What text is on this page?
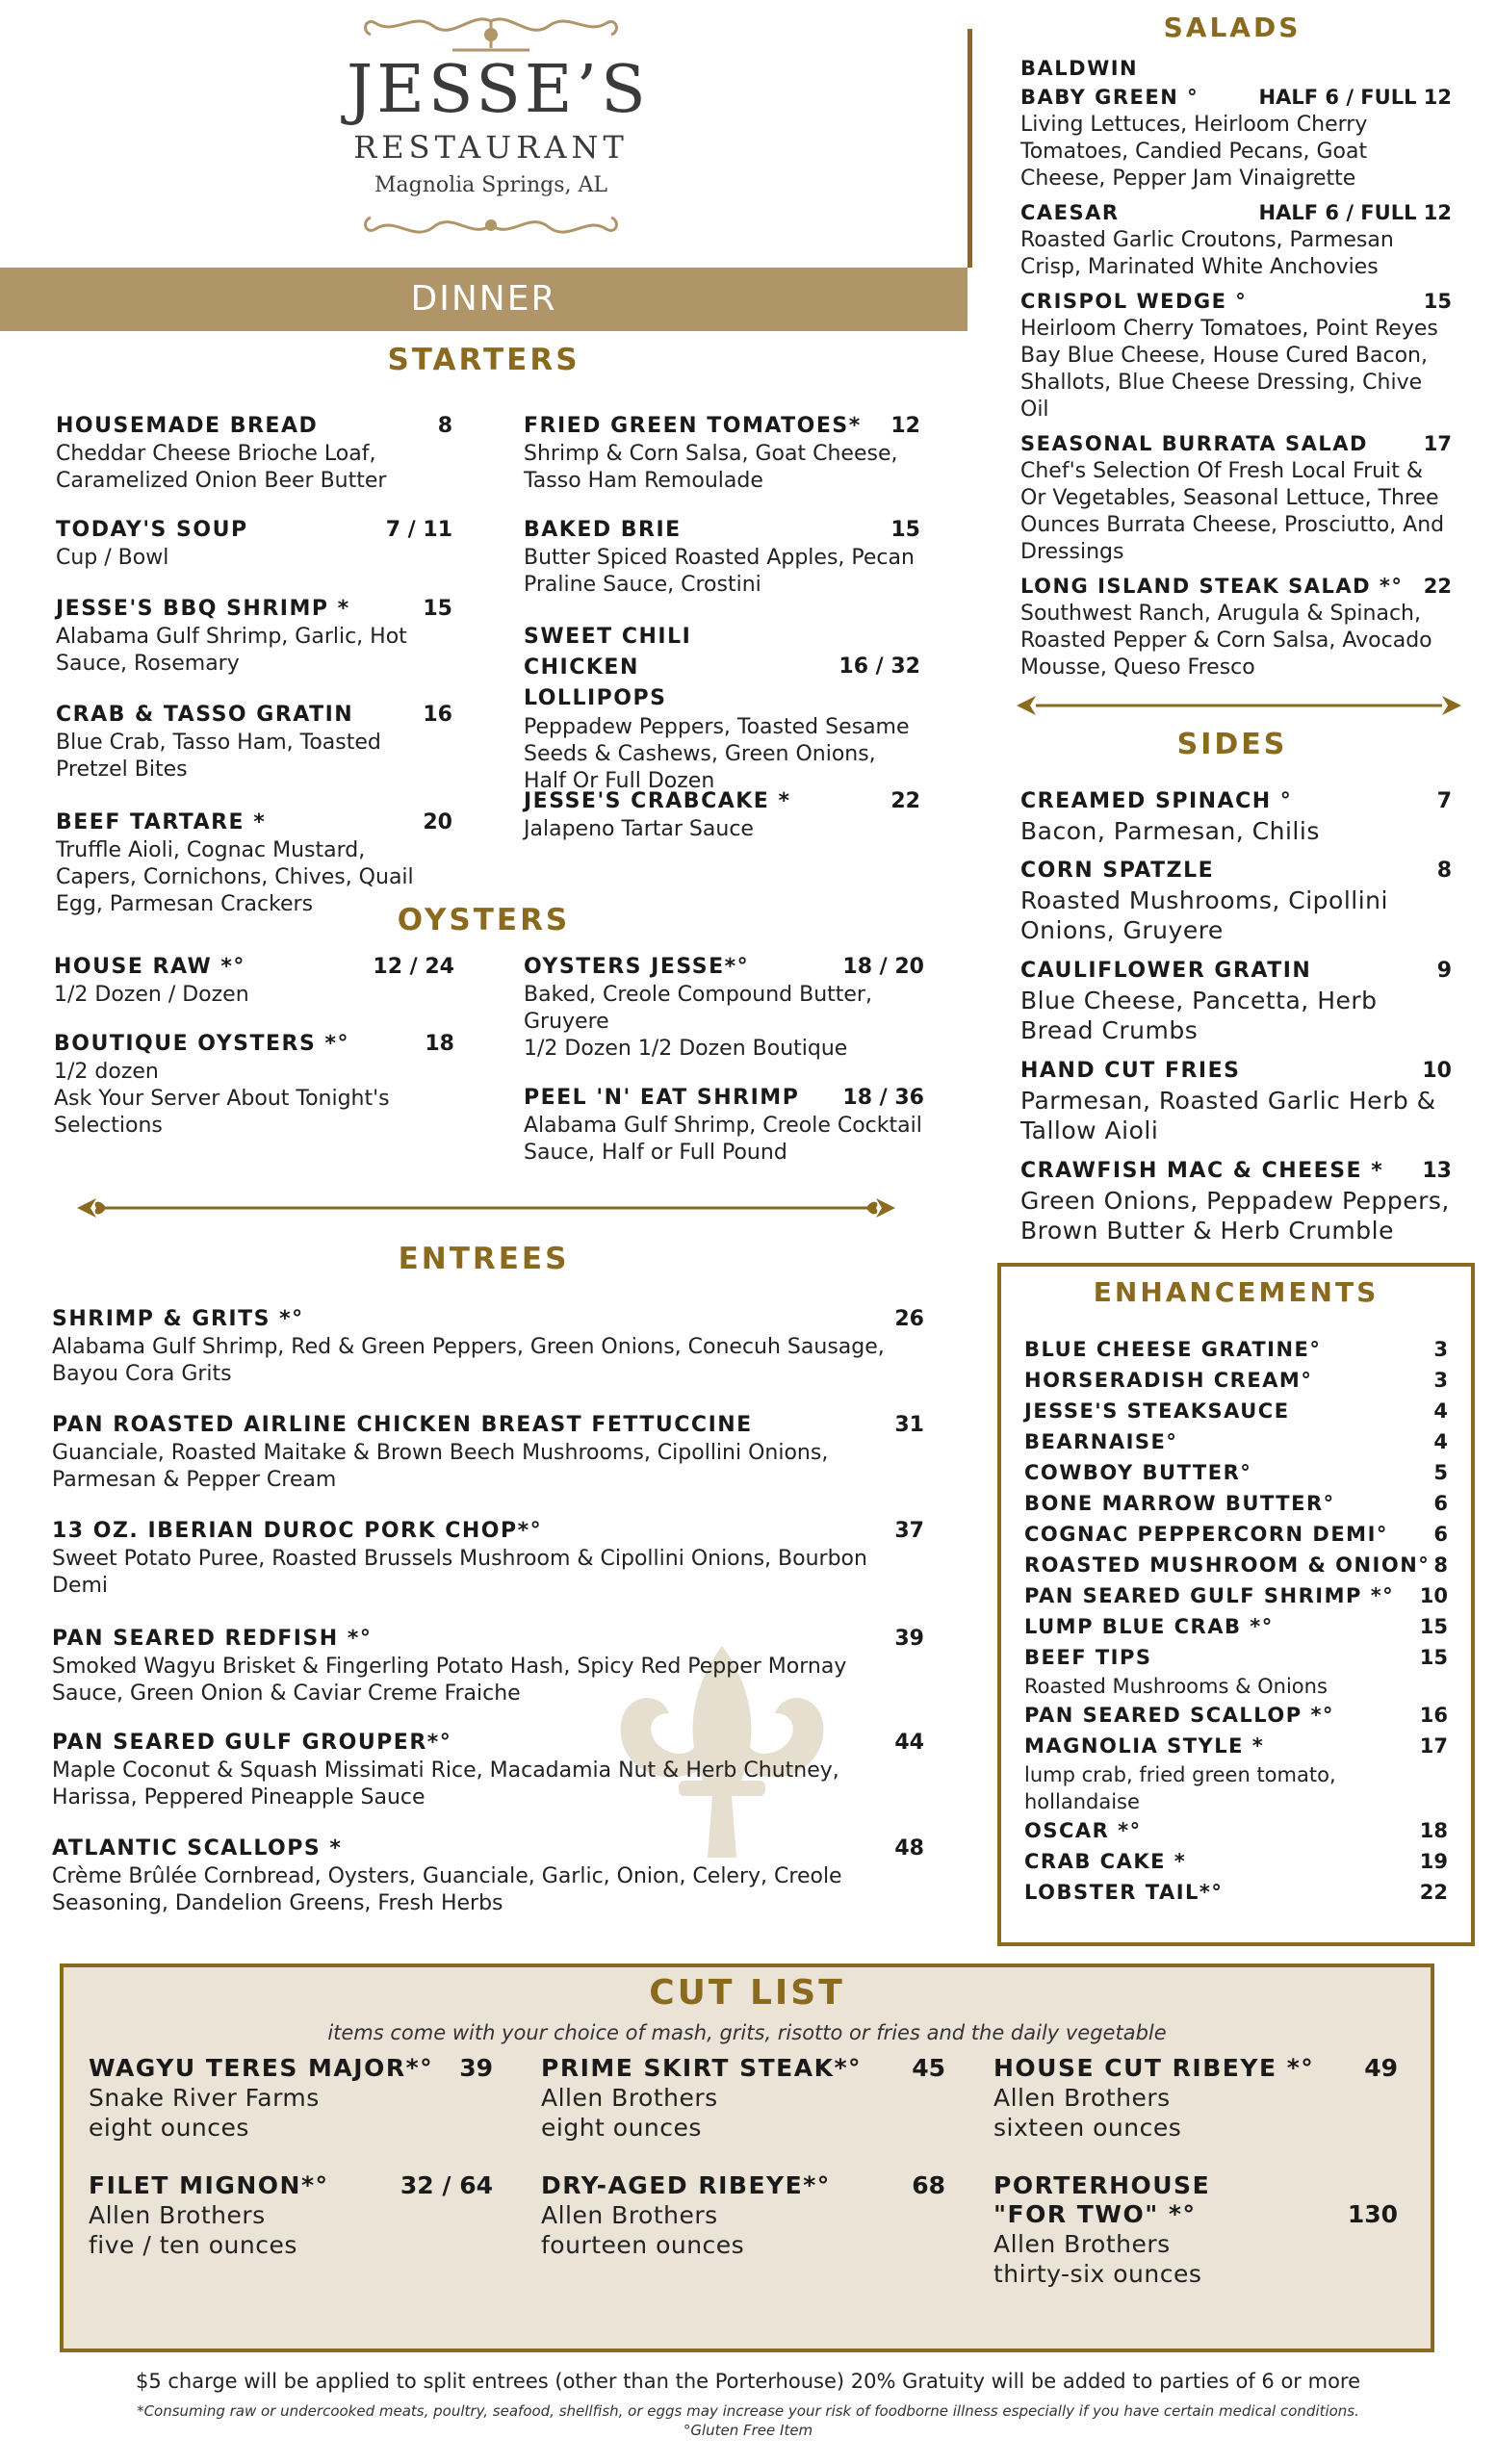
JESSE’S
RESTAURANT
Magnolia Springs, AL
DINNER
STARTERS
HOUSEMADE BREAD	8
Cheddar Cheese Brioche Loaf, Caramelized Onion Beer Butter
TODAY'S SOUP	7 / 11
Cup / Bowl
JESSE'S BBQ SHRIMP *	15
Alabama Gulf Shrimp, Garlic, Hot Sauce, Rosemary
CRAB & TASSO GRATIN	16
Blue Crab, Tasso Ham, Toasted Pretzel Bites
BEEF TARTARE *	20
Truffle Aioli, Cognac Mustard, Capers, Cornichons, Chives, Quail Egg, Parmesan Crackers
FRIED GREEN TOMATOES*	12
Shrimp & Corn Salsa, Goat Cheese, Tasso Ham Remoulade
BAKED BRIE	15
Butter Spiced Roasted Apples, Pecan Praline Sauce, Crostini
SWEET CHILI CHICKEN LOLLIPOPS
16 / 32
Peppadew Peppers, Toasted Sesame Seeds & Cashews, Green Onions, Half Or Full Dozen
JESSE'S CRABCAKE *	22
Jalapeno Tartar Sauce
OYSTERS
HOUSE RAW *°	12 / 24
1/2 Dozen / Dozen
BOUTIQUE OYSTERS *°	18
1/2 dozen
Ask Your Server About Tonight's Selections
OYSTERS JESSE*°	18 / 20
Baked, Creole Compound Butter, Gruyere
1/2 Dozen 1/2 Dozen Boutique
PEEL 'N' EAT SHRIMP	18 / 36
Alabama Gulf Shrimp, Creole Cocktail Sauce, Half or Full Pound
ENTREES
SHRIMP & GRITS *°	26
Alabama Gulf Shrimp, Red & Green Peppers, Green Onions, Conecuh Sausage, Bayou Cora Grits
PAN ROASTED AIRLINE CHICKEN BREAST FETTUCCINE	31
Guanciale, Roasted Maitake & Brown Beech Mushrooms, Cipollini Onions, Parmesan & Pepper Cream
13 OZ. IBERIAN DUROC PORK CHOP*°	37
Sweet Potato Puree, Roasted Brussels Mushroom & Cipollini Onions, Bourbon Demi
PAN SEARED REDFISH *°	39
Smoked Wagyu Brisket & Fingerling Potato Hash, Spicy Red Pepper Mornay Sauce, Green Onion & Caviar Creme Fraiche
PAN SEARED GULF GROUPER*°	44
Maple Coconut & Squash Missimati Rice, Macadamia Nut & Herb Chutney, Harissa, Peppered Pineapple Sauce
ATLANTIC SCALLOPS *	48
Crème Brûlée Cornbread, Oysters, Guanciale, Garlic, Onion, Celery, Creole Seasoning, Dandelion Greens, Fresh Herbs
SALADS
BALDWIN
BABY GREEN °	HALF 6 / FULL 12
Living Lettuces, Heirloom Cherry Tomatoes, Candied Pecans, Goat Cheese, Pepper Jam Vinaigrette
CAESAR	HALF 6 / FULL 12
Roasted Garlic Croutons, Parmesan Crisp, Marinated White Anchovies
CRISPOL WEDGE °	15
Heirloom Cherry Tomatoes, Point Reyes Bay Blue Cheese, House Cured Bacon, Shallots, Blue Cheese Dressing, Chive Oil
SEASONAL BURRATA SALAD	17
Chef's Selection Of Fresh Local Fruit & Or Vegetables, Seasonal Lettuce, Three Ounces Burrata Cheese, Prosciutto, And Dressings
LONG ISLAND STEAK SALAD *°	22
Southwest Ranch, Arugula & Spinach, Roasted Pepper & Corn Salsa, Avocado Mousse, Queso Fresco
SIDES
CREAMED SPINACH °	7
Bacon, Parmesan, Chilis
CORN SPATZLE	8
Roasted Mushrooms, Cipollini Onions, Gruyere
CAULIFLOWER GRATIN	9
Blue Cheese, Pancetta, Herb Bread Crumbs
HAND CUT FRIES	10
Parmesan, Roasted Garlic Herb & Tallow Aioli
CRAWFISH MAC & CHEESE *	13
Green Onions, Peppadew Peppers, Brown Butter & Herb Crumble
ENHANCEMENTS
BLUE CHEESE GRATINE°	3
HORSERADISH CREAM°	3
JESSE'S STEAKSAUCE	4
BEARNAISE°	4
COWBOY BUTTER°	5
BONE MARROW BUTTER°	6
COGNAC PEPPERCORN DEMI°	6
ROASTED MUSHROOM & ONION° 8
PAN SEARED GULF SHRIMP *°	10
LUMP BLUE CRAB *°	15
BEEF TIPS	15
Roasted Mushrooms & Onions
PAN SEARED SCALLOP *°	16
MAGNOLIA STYLE *	17
lump crab, fried green tomato, hollandaise
OSCAR *°	18
CRAB CAKE *	19
LOBSTER TAIL*°	22
CUT LIST
items come with your choice of mash, grits, risotto or fries and the daily vegetable
WAGYU TERES MAJOR*°	39
Snake River Farms
eight ounces
PRIME SKIRT STEAK*°	45
Allen Brothers
eight ounces
HOUSE CUT RIBEYE *°	49
Allen Brothers
sixteen ounces
FILET MIGNON*°	32 / 64
Allen Brothers
five / ten ounces
DRY-AGED RIBEYE*°	68
Allen Brothers
fourteen ounces
PORTERHOUSE "FOR TWO" *°	130
Allen Brothers
thirty-six ounces
$5 charge will be applied to split entrees (other than the Porterhouse) 20% Gratuity will be added to parties of 6 or more
*Consuming raw or undercooked meats, poultry, seafood, shellfish, or eggs may increase your risk of foodborne illness especially if you have certain medical conditions.
°Gluten Free Item
